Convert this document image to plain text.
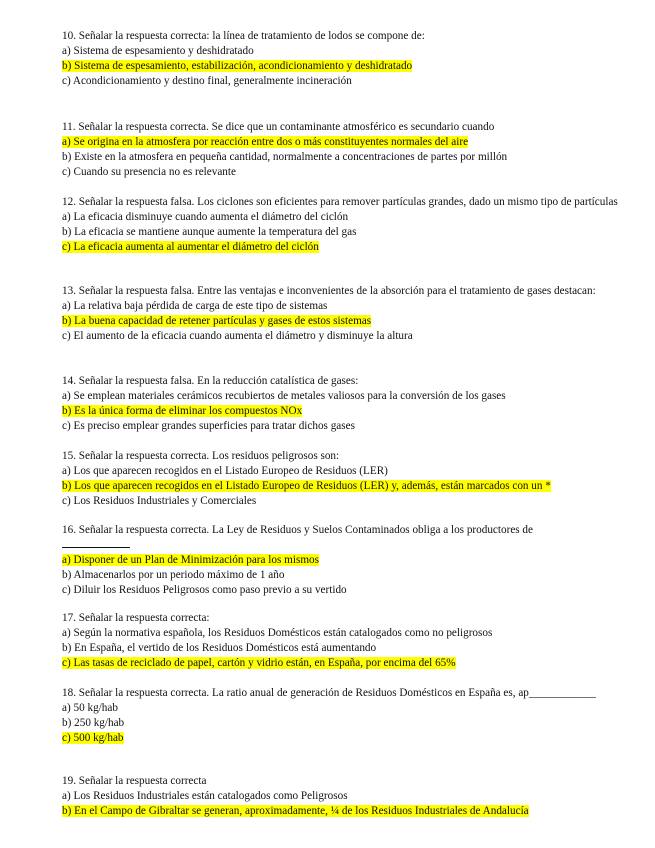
10. Señalar la respuesta correcta: la línea de tratamiento de lodos se compone de:
a) Sistema de espesamiento y deshidratado
b) Sistema de espesamiento, estabilización, acondicionamiento y deshidratado
c) Acondicionamiento y destino final, generalmente incineración
11. Señalar la respuesta correcta. Se dice que un contaminante atmosférico es secundario cuando
a) Se origina en la atmosfera por reacción entre dos o más constituyentes normales del aire
b) Existe en la atmosfera en pequeña cantidad, normalmente a concentraciones de partes por millón
c) Cuando su presencia no es relevante
12. Señalar la respuesta falsa. Los ciclones son eficientes para remover partículas grandes, dado un mismo tipo de partículas
a) La eficacia disminuye cuando aumenta el diámetro del ciclón
b) La eficacia se mantiene aunque aumente la temperatura del gas
c) La eficacia aumenta al aumentar el diámetro del ciclón
13. Señalar la respuesta falsa. Entre las ventajas e inconvenientes de la absorción para el tratamiento de gases destacan:
a) La relativa baja pérdida de carga de este tipo de sistemas
b) La buena capacidad de retener partículas y gases de estos sistemas
c) El aumento de la eficacia cuando aumenta el diámetro y disminuye la altura
14. Señalar la respuesta falsa. En la reducción catalística de gases:
a) Se emplean materiales cerámicos recubiertos de metales valiosos para la conversión de los gases
b) Es la única forma de eliminar los compuestos NOx
c) Es preciso emplear grandes superficies para tratar dichos gases
15. Señalar la respuesta correcta. Los residuos peligrosos son:
a) Los que aparecen recogidos en el Listado Europeo de Residuos (LER)
b) Los que aparecen recogidos en el Listado Europeo de Residuos (LER) y, además, están marcados con un *
c) Los Residuos Industriales y Comerciales
16. Señalar la respuesta correcta. La Ley de Residuos y Suelos Contaminados obliga a los productores de
a) Disponer de un Plan de Minimización para los mismos
b) Almacenarlos por un periodo máximo de 1 año
c) Diluir los Residuos Peligrosos como paso previo a su vertido
17. Señalar la respuesta correcta:
a) Según la normativa española, los Residuos Domésticos están catalogados como no peligrosos
b) En España, el vertido de los Residuos Domésticos está aumentando
c) Las tasas de reciclado de papel, cartón y vidrio están, en España, por encima del 65%
18. Señalar la respuesta correcta. La ratio anual de generación de Residuos Domésticos en España es, ap____________
a) 50 kg/hab
b) 250 kg/hab
c) 500 kg/hab
19. Señalar la respuesta correcta
a) Los Residuos Industriales están catalogados como Peligrosos
b) En el Campo de Gibraltar se generan, aproximadamente, ¼ de los Residuos Industriales de Andalucía
